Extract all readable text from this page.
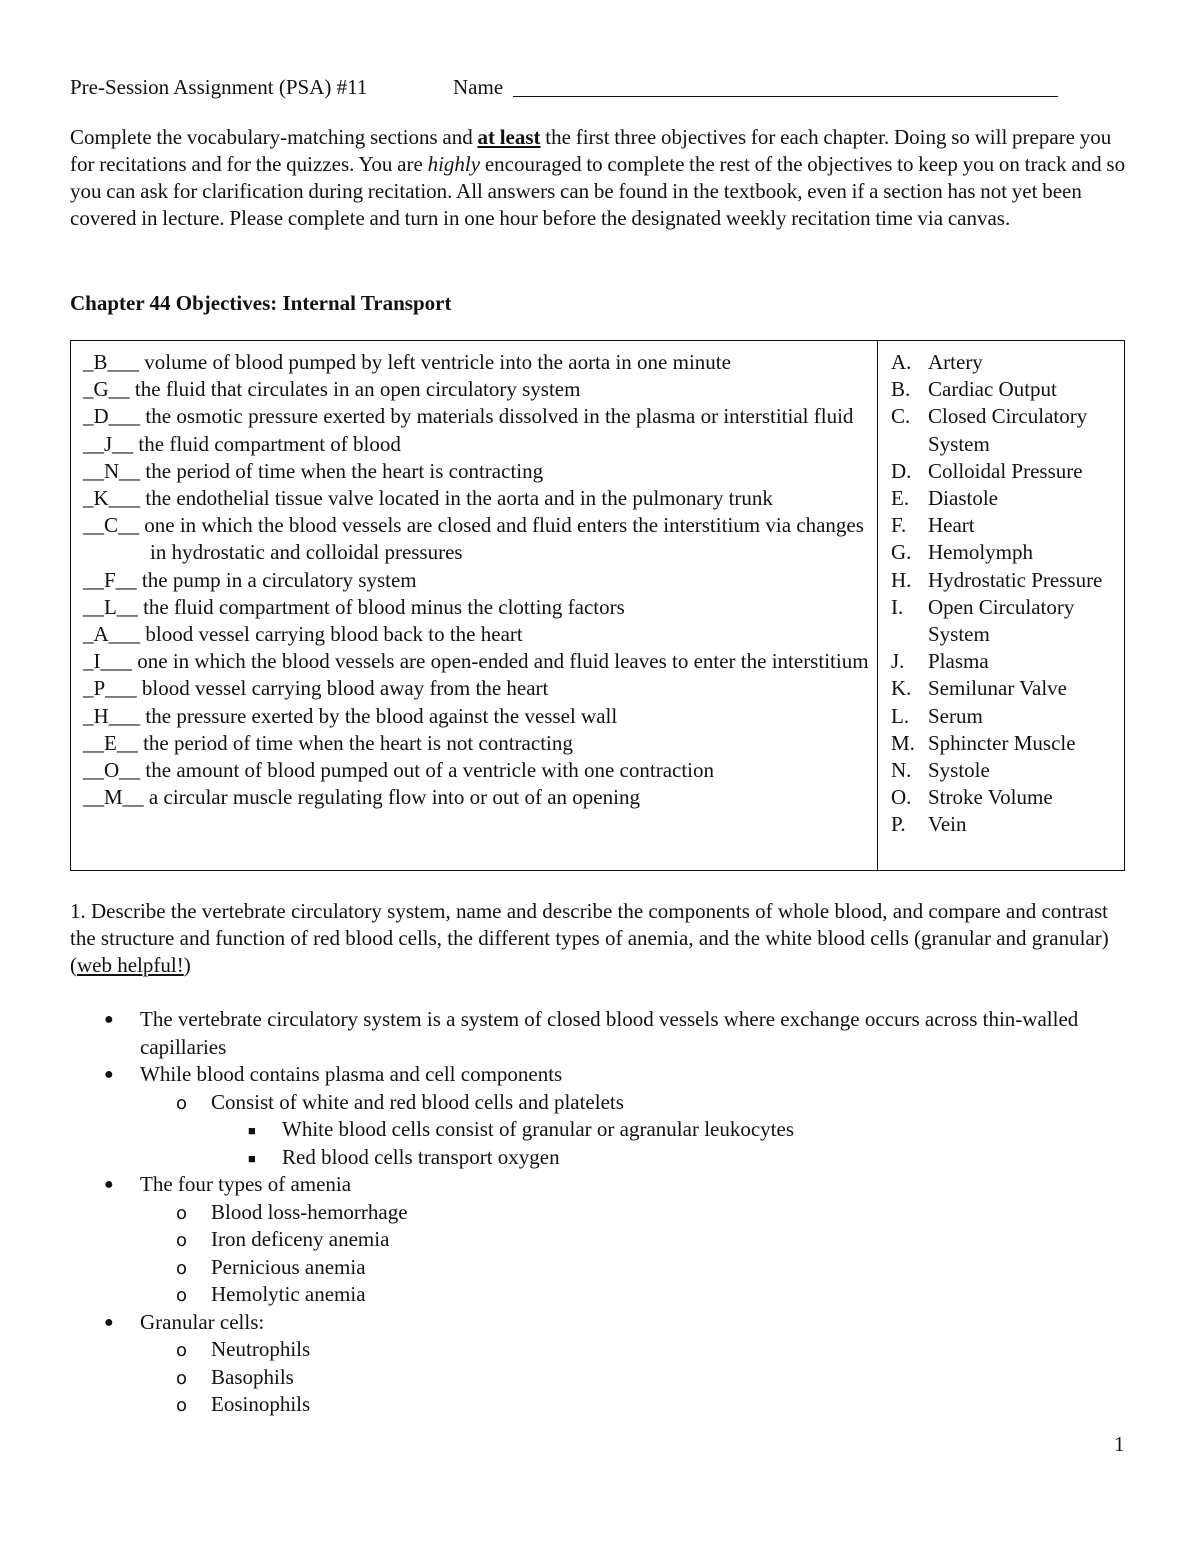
Pre-Session Assignment (PSA) #11	Name
Complete the vocabulary-matching sections and at least the first three objectives for each chapter. Doing so will prepare you for recitations and for the quizzes. You are highly encouraged to complete the rest of the objectives to keep you on track and so you can ask for clarification during recitation. All answers can be found in the textbook, even if a section has not yet been covered in lecture. Please complete and turn in one hour before the designated weekly recitation time via canvas.
Chapter 44 Objectives: Internal Transport
_B___ volume of blood pumped by left ventricle into the aorta in one minute
_G__ the fluid that circulates in an open circulatory system
_D___ the osmotic pressure exerted by materials dissolved in the plasma or interstitial fluid
__J__ the fluid compartment of blood
__N__ the period of time when the heart is contracting
_K___ the endothelial tissue valve located in the aorta and in the pulmonary trunk
__C__ one in which the blood vessels are closed and fluid enters the interstitium via changes in hydrostatic and colloidal pressures
__F__ the pump in a circulatory system
__L__ the fluid compartment of blood minus the clotting factors
_A___ blood vessel carrying blood back to the heart
_I___ one in which the blood vessels are open-ended and fluid leaves to enter the interstitium
_P___ blood vessel carrying blood away from the heart
_H___ the pressure exerted by the blood against the vessel wall
__E__ the period of time when the heart is not contracting
__O__ the amount of blood pumped out of a ventricle with one contraction
__M__ a circular muscle regulating flow into or out of an opening
A. Artery
B. Cardiac Output
C. Closed Circulatory System
D. Colloidal Pressure
E. Diastole
F. Heart
G. Hemolymph
H. Hydrostatic Pressure
I. Open Circulatory System
J. Plasma
K. Semilunar Valve
L. Serum
M. Sphincter Muscle
N. Systole
O. Stroke Volume
P. Vein
1. Describe the vertebrate circulatory system, name and describe the components of whole blood, and compare and contrast the structure and function of red blood cells, the different types of anemia, and the white blood cells (granular and granular) (web helpful!)
● The vertebrate circulatory system is a system of closed blood vessels where exchange occurs across thin-walled capillaries
● While blood contains plasma and cell components
o Consist of white and red blood cells and platelets
■ White blood cells consist of granular or agranular leukocytes
■ Red blood cells transport oxygen
● The four types of amenia
o Blood loss-hemorrhage
o Iron deficeny anemia
o Pernicious anemia
o Hemolytic anemia
● Granular cells:
o Neutrophils
o Basophils
o Eosinophils
1
